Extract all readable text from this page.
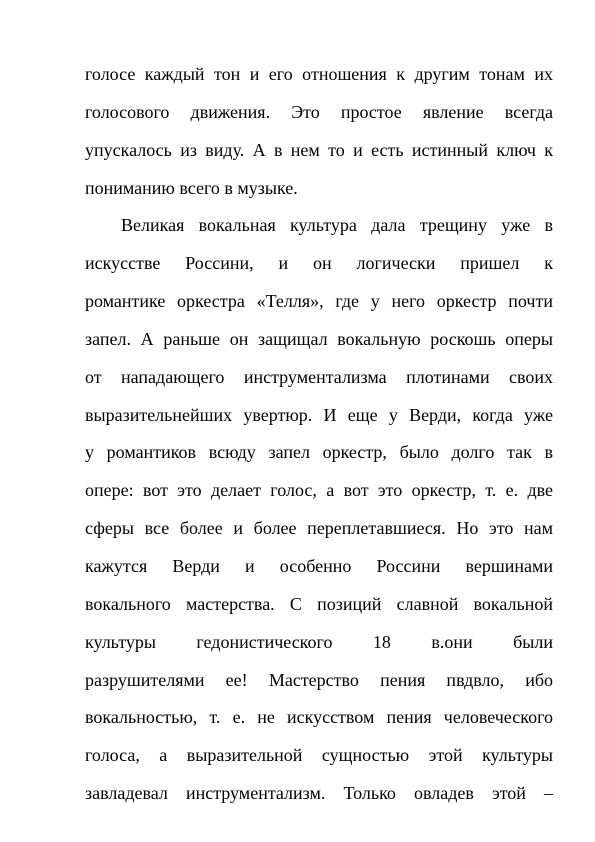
голосе каждый тон и его отношения к другим тонам их
голосового движения. Это простое явление всегда
упускалось из виду. А в нем то и есть истинный ключ к
пониманию всего в музыке.
Великая вокальная культура дала трещину уже в
искусстве Россини, и он логически пришел к
романтике оркестра «Телля», где у него оркестр почти
запел. А раньше он защищал вокальную роскошь оперы
от нападающего инструментализма плотинами своих
выразительнейших увертюр. И еще у Верди, когда уже
у романтиков всюду запел оркестр, было долго так в
опере: вот это делает голос, а вот это оркестр, т. е. две
сферы все более и более переплетавшиеся. Но это нам
кажутся Верди и особенно Россини вершинами
вокального мастерства. С позиций славной вокальной
культуры гедонистического 18 в.они были
разрушителями ее! Мастерство пения пвдвло, ибо
вокальностью, т. е. не искусством пения человеческого
голоса, а выразительной сущностью этой культуры
завладевал инструментализм. Только овладев этой –
